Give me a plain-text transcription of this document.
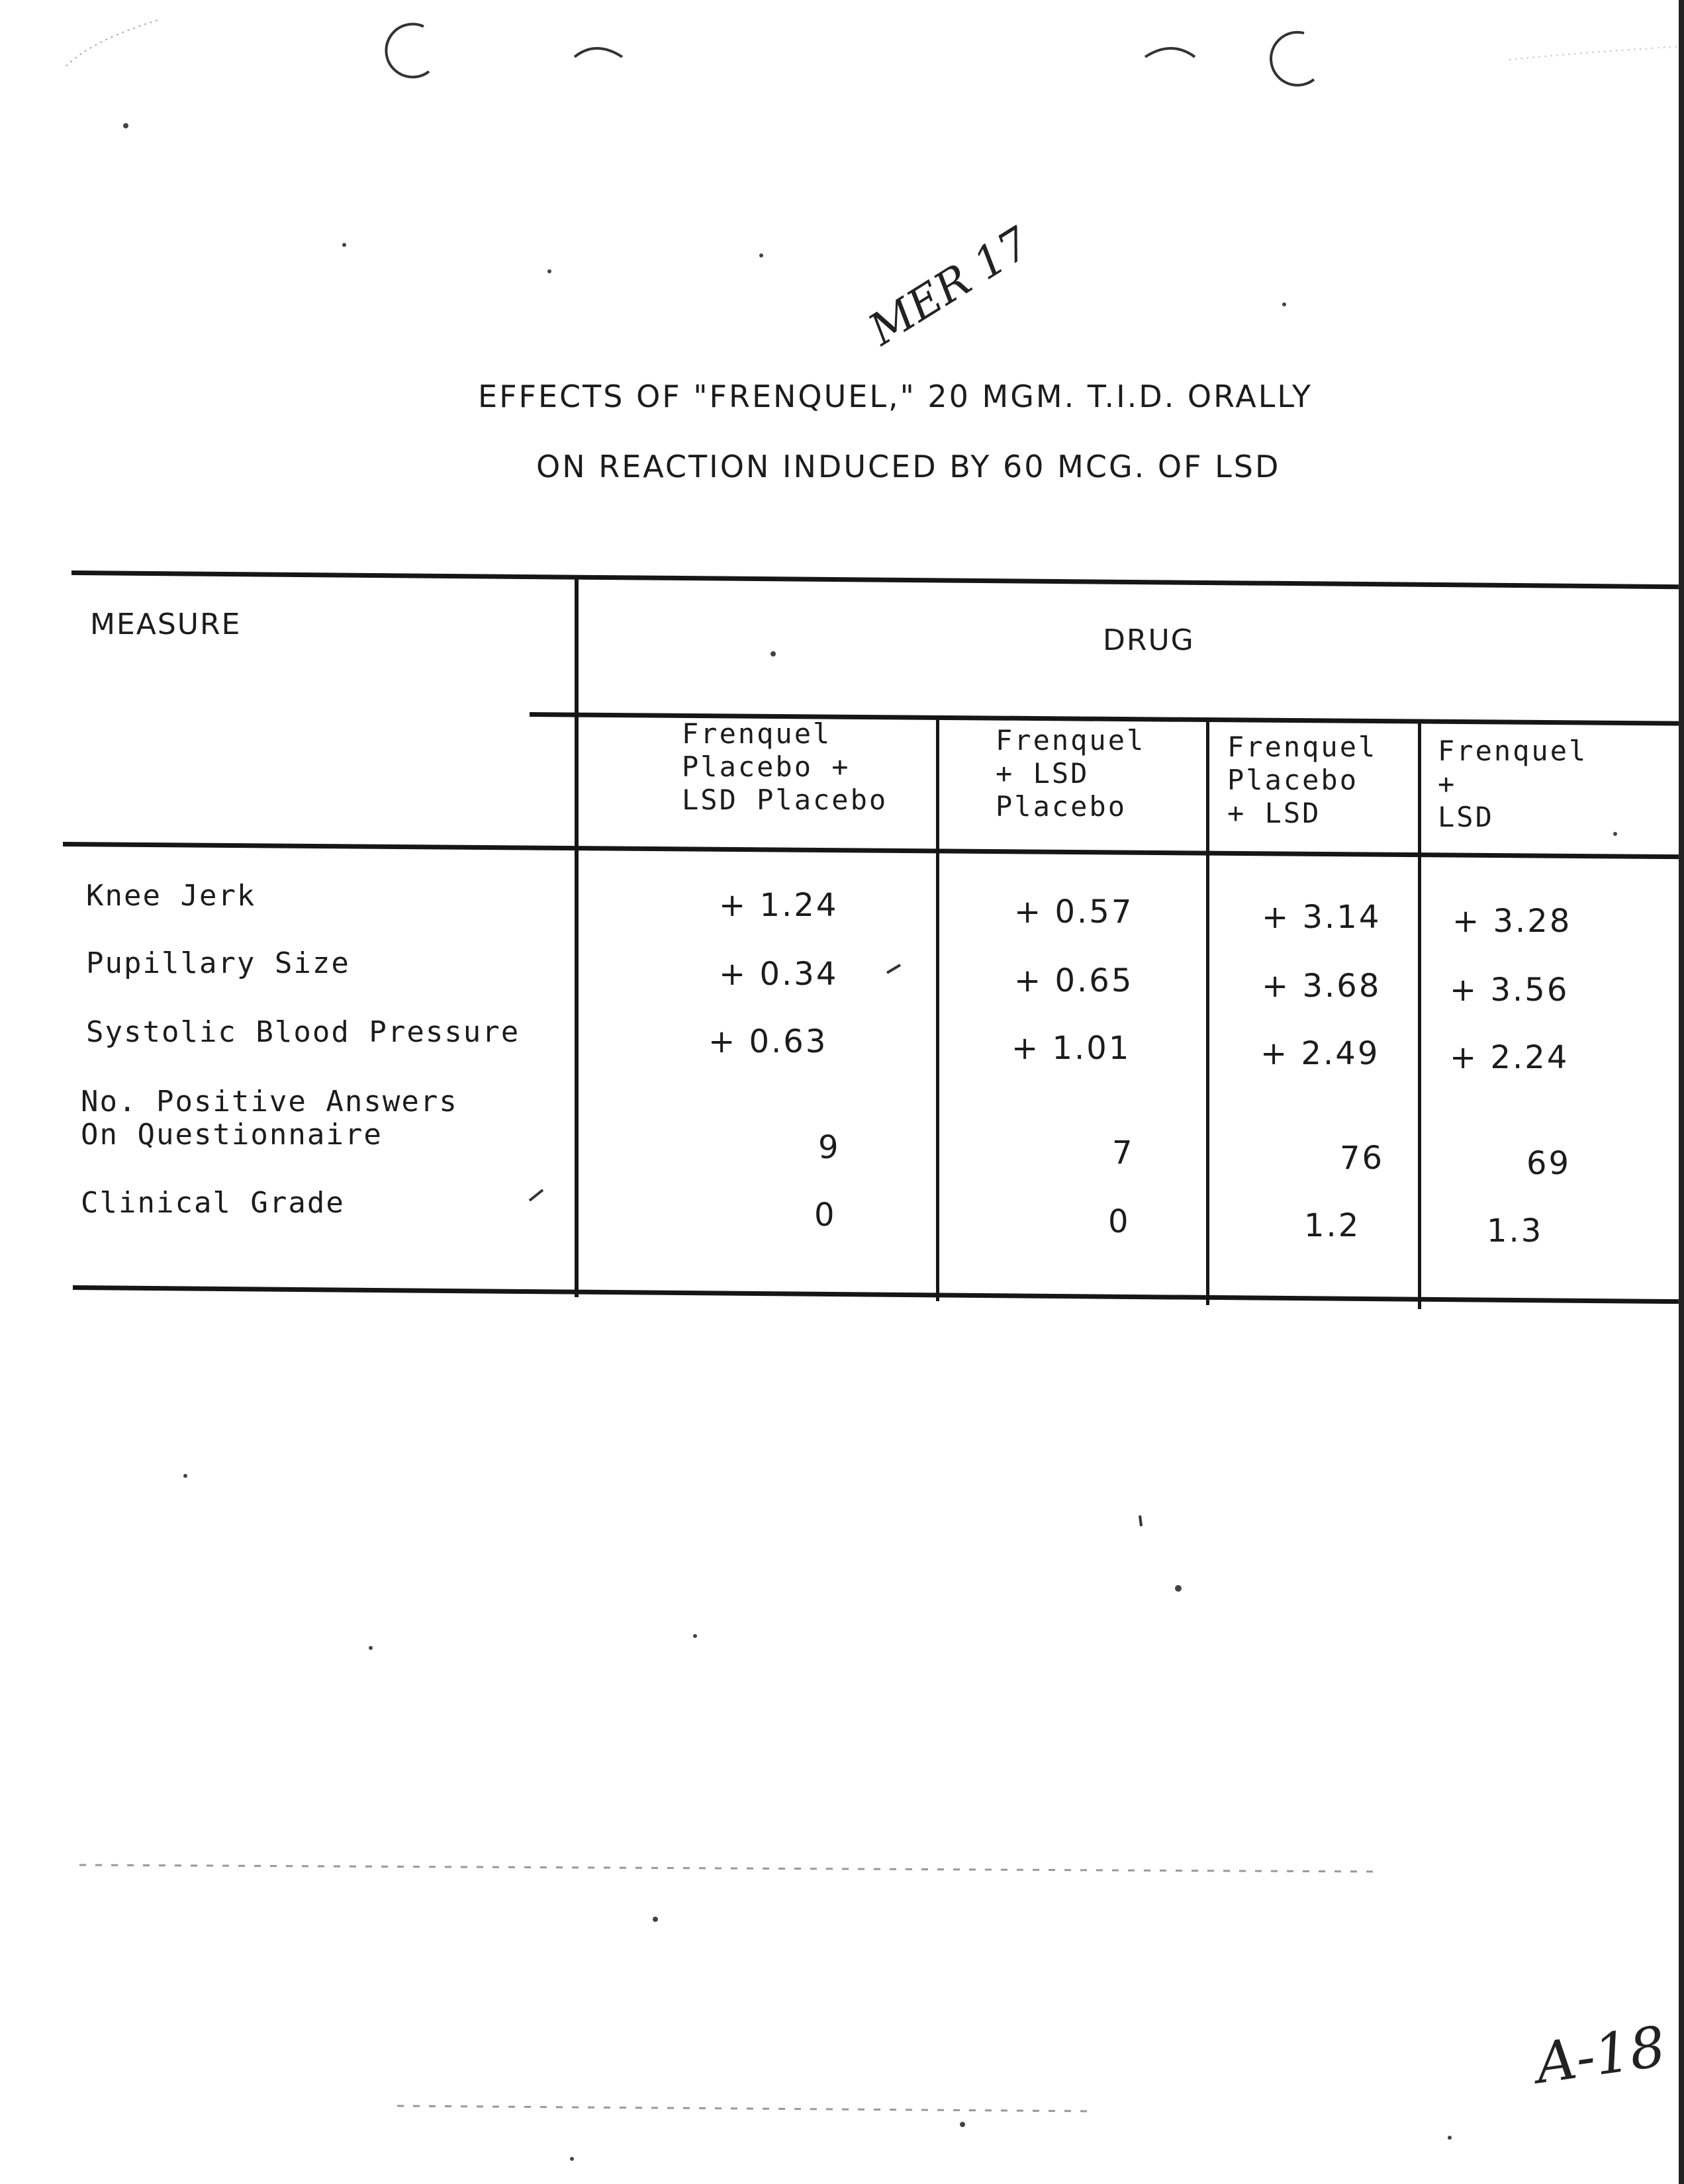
MER 17
EFFECTS OF "FRENQUEL," 20 MGM. T.I.D. ORALLY
ON REACTION INDUCED BY 60 MCG. OF LSD
MEASURE	DRUG
Frenquel
Placebo +
LSD Placebo
Frenquel
+ LSD
Placebo
Frenquel
Placebo
+ LSD
Frenquel
+
LSD
Knee Jerk
Pupillary Size
Systolic Blood Pressure
No. Positive Answers
On Questionnaire
Clinical Grade
+ 1.24
+ 0.34
+ 0.63
9
0
+ 0.57
+ 0.65
+ 1.01
7
0
+ 3.14
+ 3.68
+ 2.49
76
1.2
+ 3.28
+ 3.56
+ 2.24
69
1.3
A-18
